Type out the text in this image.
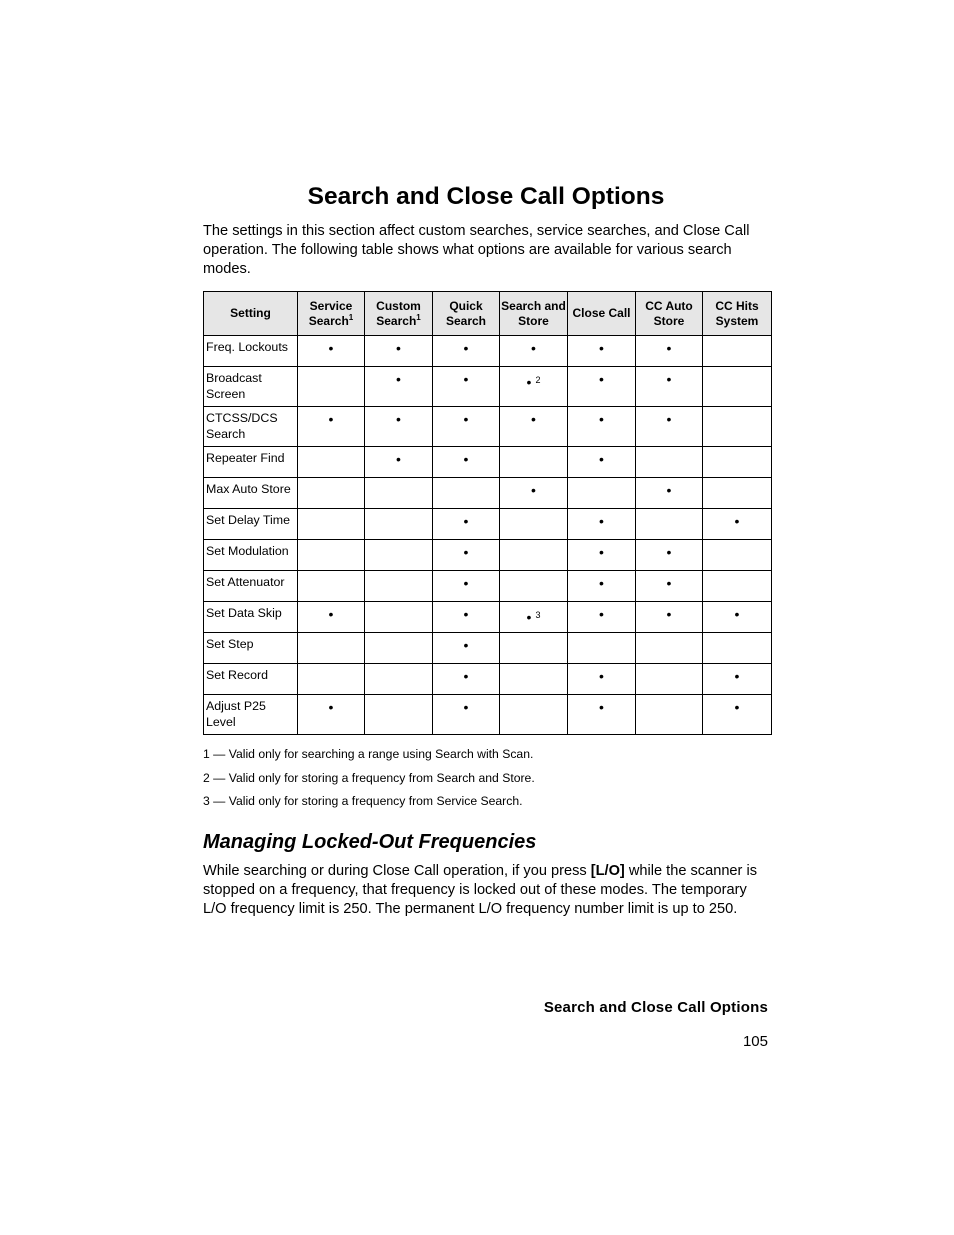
Search and Close Call Options

The settings in this section affect custom searches, service searches, and Close Call operation. The following table shows what options are available for various search modes.

Setting	Service Search$^1$	Custom Search$^1$	Quick Search	Search and Store	Close Call	CC Auto Store	CC Hits System
Freq. Lockouts	•	•	•	•	•	•	
Broadcast Screen		•	•	• $^2$	•	•	
CTCSS/DCS Search	•	•	•	•	•	•	
Repeater Find		•	•		•		
Max Auto Store				•		•	
Set Delay Time			•		•		•
Set Modulation			•		•	•	
Set Attenuator			•		•	•	
Set Data Skip	•		•	• $^3$	•	•	•
Set Step			•				
Set Record			•		•		•
Adjust P25 Level	•		•		•		•
1 — Valid only for searching a range using Search with Scan.
2 — Valid only for storing a frequency from Search and Store.
3 — Valid only for storing a frequency from Service Search.
Managing Locked-Out Frequencies

While searching or during Close Call operation, if you press [L/O] while the scanner is stopped on a frequency, that frequency is locked out of these modes. The temporary L/O frequency limit is 250. The permanent L/O frequency number limit is up to 250.

Search and Close Call Options
105
